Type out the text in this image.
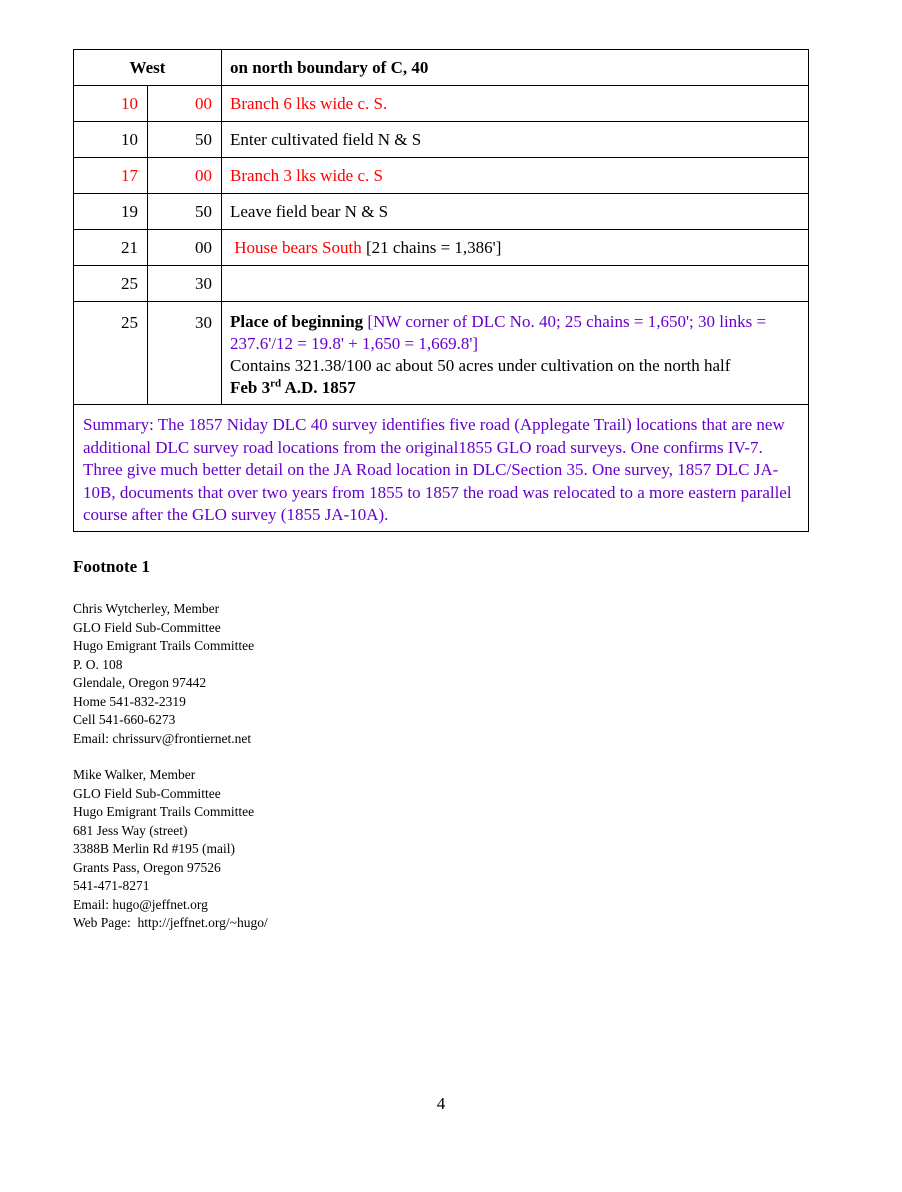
West		on north boundary of C, 40
10	00	Branch 6 lks wide c. S.
10	50	Enter cultivated field N & S
17	00	Branch 3 lks wide c. S
19	50	Leave field bear N & S
21	00	House bears South [21 chains = 1,386']
25	30	
25	30	Place of beginning [NW corner of DLC No. 40; 25 chains = 1,650'; 30 links = 237.6'/12 = 19.8' + 1,650 = 1,669.8']
Contains 321.38/100 ac about 50 acres under cultivation on the north half
Feb 3rd A.D. 1857

Summary: The 1857 Niday DLC 40 survey identifies five road (Applegate Trail) locations that are new additional DLC survey road locations from the original1855 GLO road surveys. One confirms IV-7. Three give much better detail on the JA Road location in DLC/Section 35. One survey, 1857 DLC JA-10B, documents that over two years from 1855 to 1857 the road was relocated to a more eastern parallel course after the GLO survey (1855 JA-10A).		
Footnote 1
Chris Wytcherley, Member
GLO Field Sub-Committee
Hugo Emigrant Trails Committee
P. O. 108
Glendale, Oregon 97442
Home 541-832-2319
Cell 541-660-6273
Email: chrissurv@frontiernet.net
Mike Walker, Member
GLO Field Sub-Committee
Hugo Emigrant Trails Committee
681 Jess Way (street)
3388B Merlin Rd #195 (mail)
Grants Pass, Oregon 97526
541-471-8271
Email: hugo@jeffnet.org
Web Page:  http://jeffnet.org/~hugo/
4
